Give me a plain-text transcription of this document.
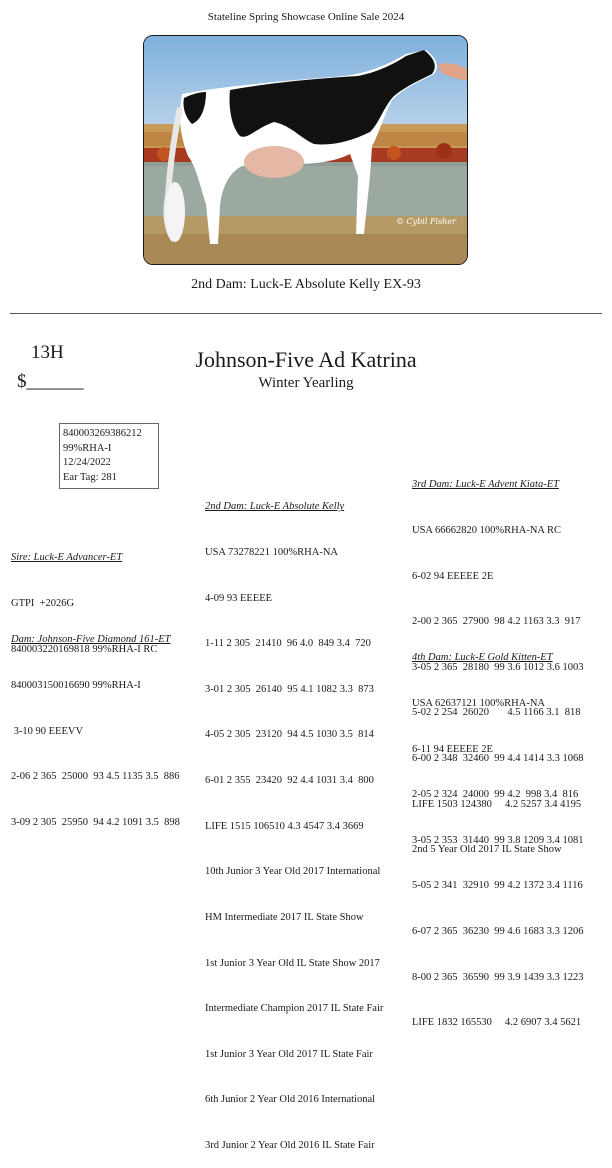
Stateline Spring Showcase Online Sale 2024
© Cybil Fisher
2nd Dam: Luck-E Absolute Kelly EX-93
13H
$______
Johnson-Five Ad Katrina
Winter Yearling
840003269386212
99%RHA-I
12/24/2022
Ear Tag: 281

Sire: Luck-E Advancer-ET

GTPI  +2026G

840003220169818 99%RHA-I RC

Dam: Johnson-Five Diamond 161-ET

840003150016690 99%RHA-I

3-10 90 EEEVV

2-06 2 365  25000  93 4.5 1135 3.5  886

3-09 2 305  25950  94 4.2 1091 3.5  898

2nd Dam: Luck-E Absolute Kelly

USA 73278221 100%RHA-NA

4-09 93 EEEEE

1-11 2 305  21410  96 4.0  849 3.4  720

3-01 2 305  26140  95 4.1 1082 3.3  873

4-05 2 305  23120  94 4.5 1030 3.5  814

6-01 2 355  23420  92 4.4 1031 3.4  800

LIFE 1515 106510 4.3 4547 3.4 3669

10th Junior 3 Year Old 2017 International

HM Intermediate 2017 IL State Show

1st Junior 3 Year Old IL State Show 2017

Intermediate Champion 2017 IL State Fair

1st Junior 3 Year Old 2017 IL State Fair

6th Junior 2 Year Old 2016 International

3rd Junior 2 Year Old 2016 IL State Fair

3rd Dam: Luck-E Advent Kiata-ET

USA 66662820 100%RHA-NA RC

6-02 94 EEEEE 2E

2-00 2 365  27900  98 4.2 1163 3.3  917

3-05 2 365  28180  99 3.6 1012 3.6 1003

5-02 2 254  26020       4.5 1166 3.1  818

6-00 2 348  32460  99 4.4 1414 3.3 1068

LIFE 1503 124380     4.2 5257 3.4 4195

2nd 5 Year Old 2017 IL State Show

4th Dam: Luck-E Gold Kitten-ET

USA 62637121 100%RHA-NA

6-11 94 EEEEE 2E

2-05 2 324  24000  99 4.2  998 3.4  816

3-05 2 353  31440  99 3.8 1209 3.4 1081

5-05 2 341  32910  99 4.2 1372 3.4 1116

6-07 2 365  36230  99 4.6 1683 3.3 1206

8-00 2 365  36590  99 3.9 1439 3.3 1223

LIFE 1832 165530     4.2 6907 3.4 5621
